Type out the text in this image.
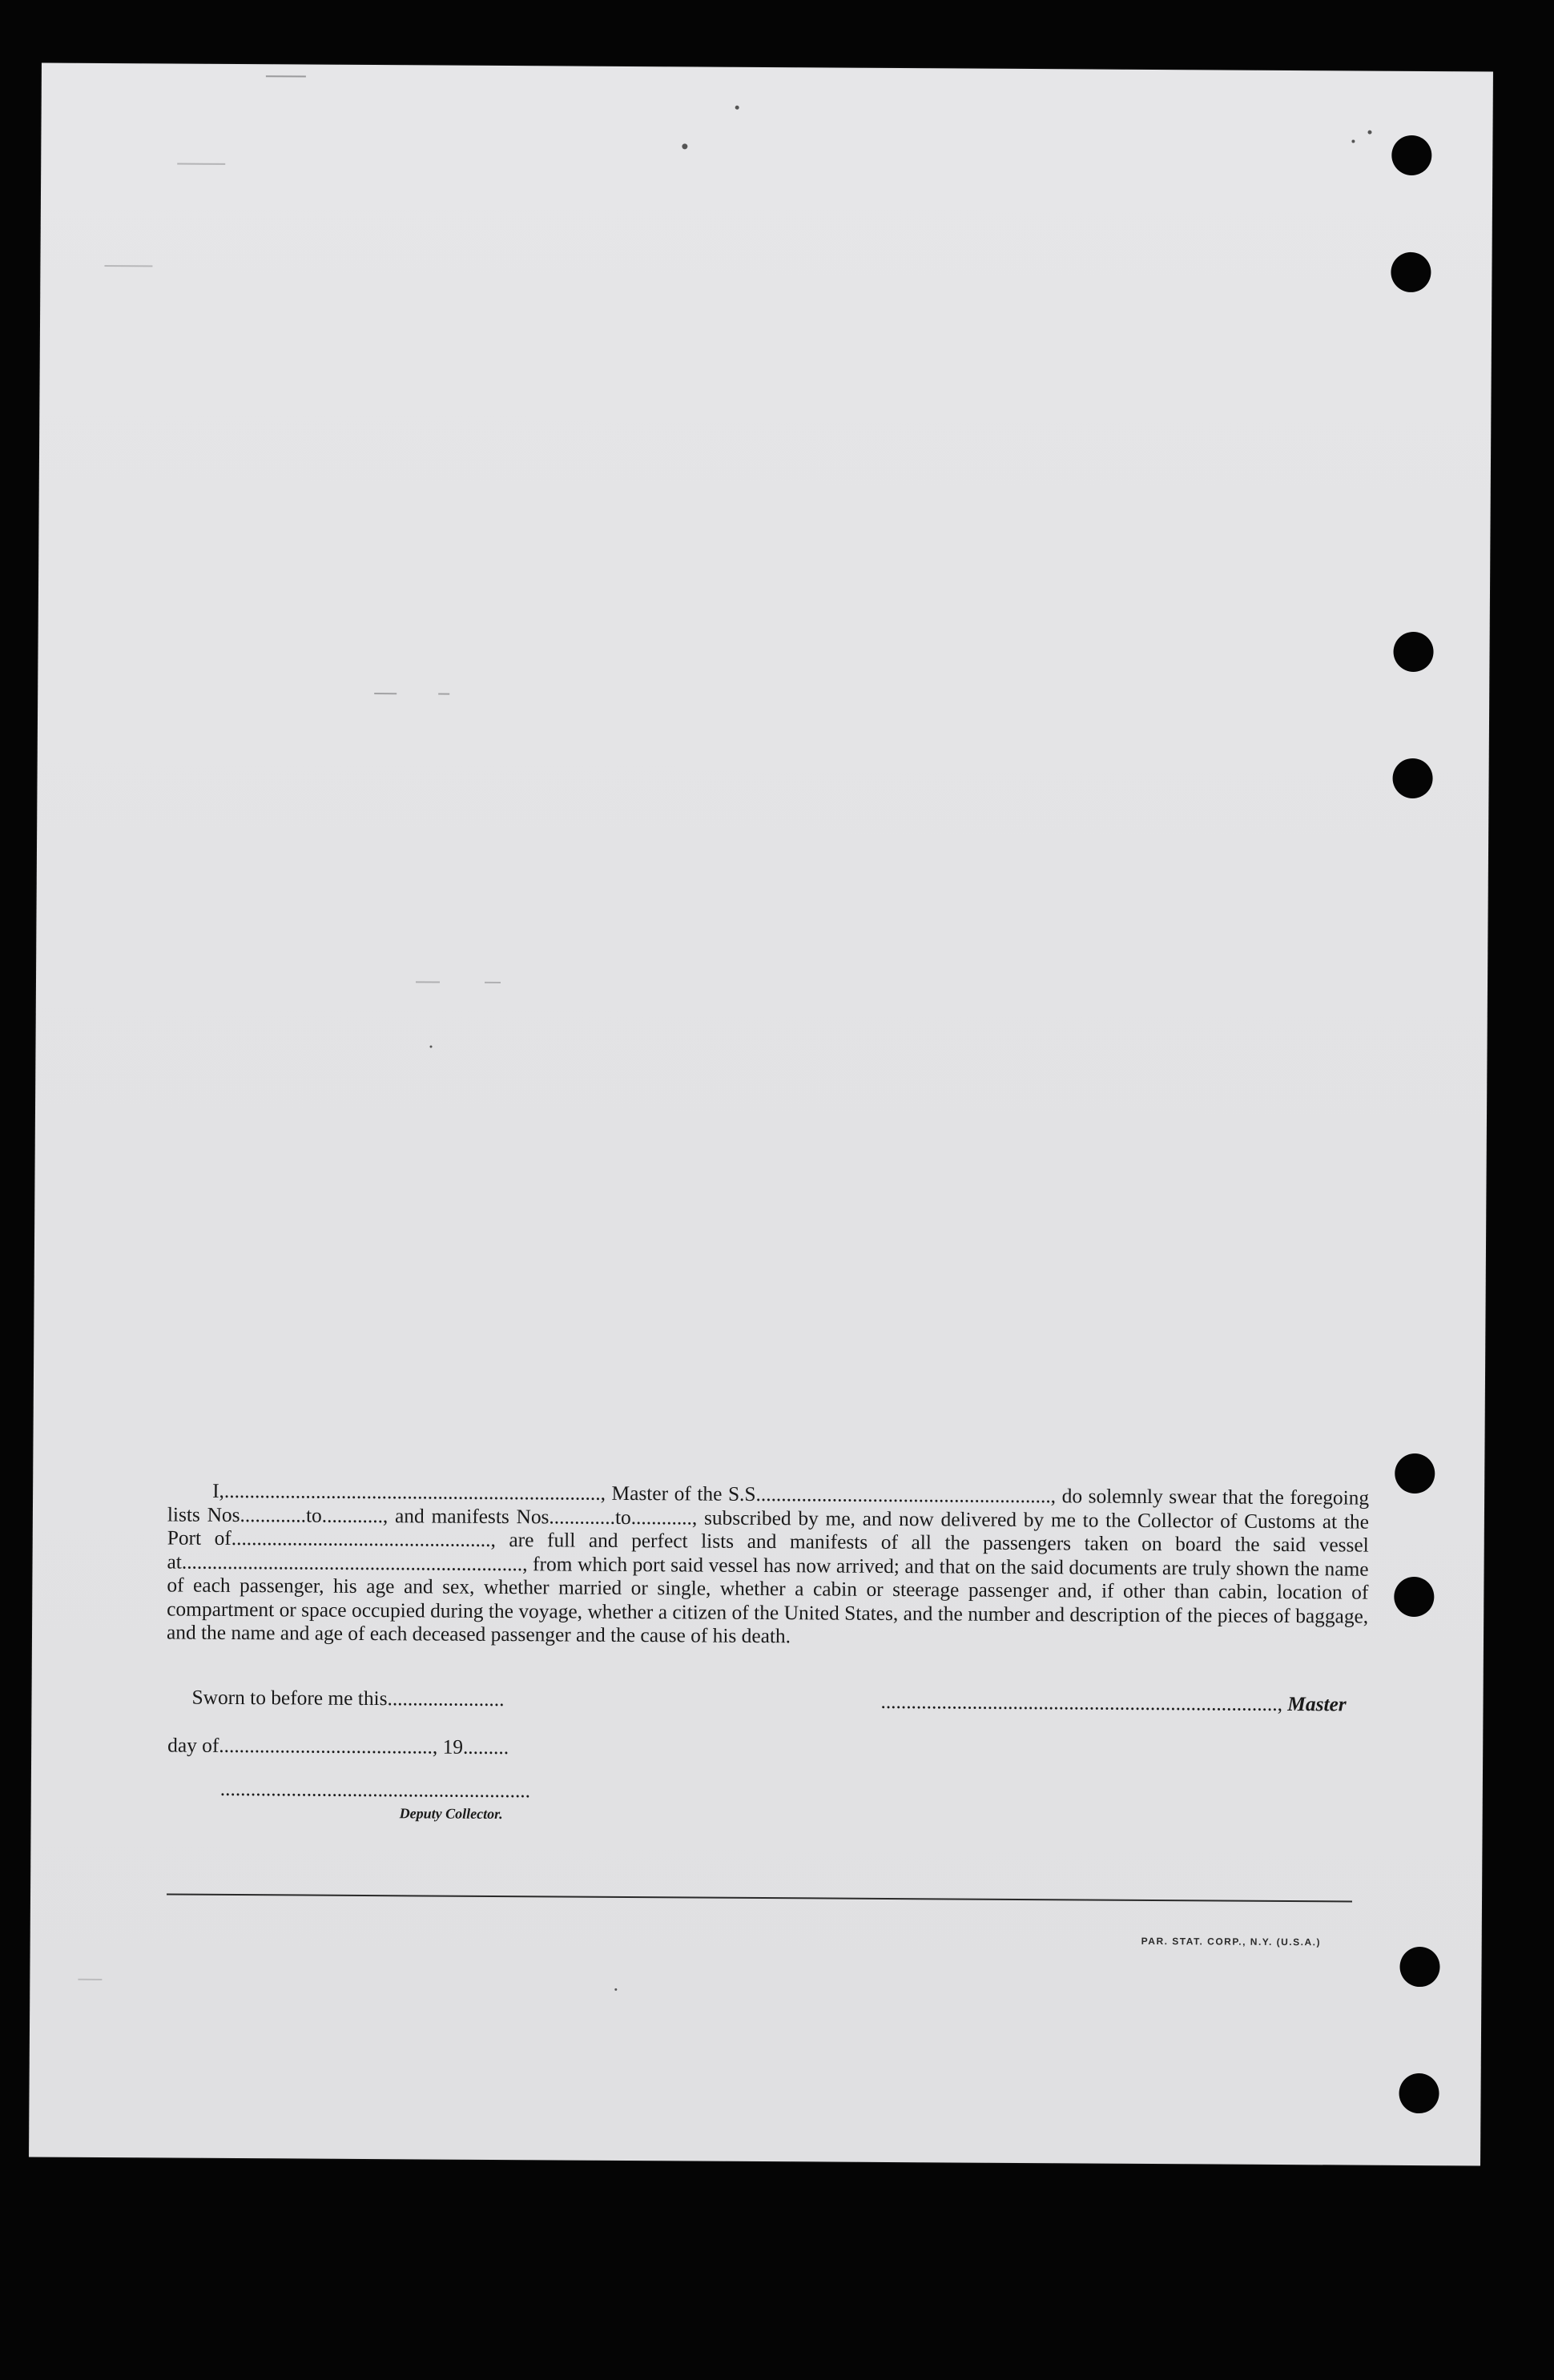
I,.........................................................................., Master of the S.S.........................................................., do solemnly swear that the foregoing lists Nos.............to............, and manifests Nos.............to............, subscribed by me, and now delivered by me to the Collector of Customs at the Port of..................................................., are full and perfect lists and manifests of all the passengers taken on board the said vessel at..................................................................., from which port said vessel has now arrived; and that on the said documents are truly shown the name of each passenger, his age and sex, whether married or single, whether a cabin or steerage passenger and, if other than cabin, location of compartment or space occupied during the voyage, whether a citizen of the United States, and the number and description of the pieces of baggage, and the name and age of each deceased passenger and the cause of his death.

Sworn to before me this.......................	.............................................................................., Master
day of.........................................., 19.........
.............................................................
Deputy Collector.
PAR. STAT. CORP., N.Y. (U.S.A.)
